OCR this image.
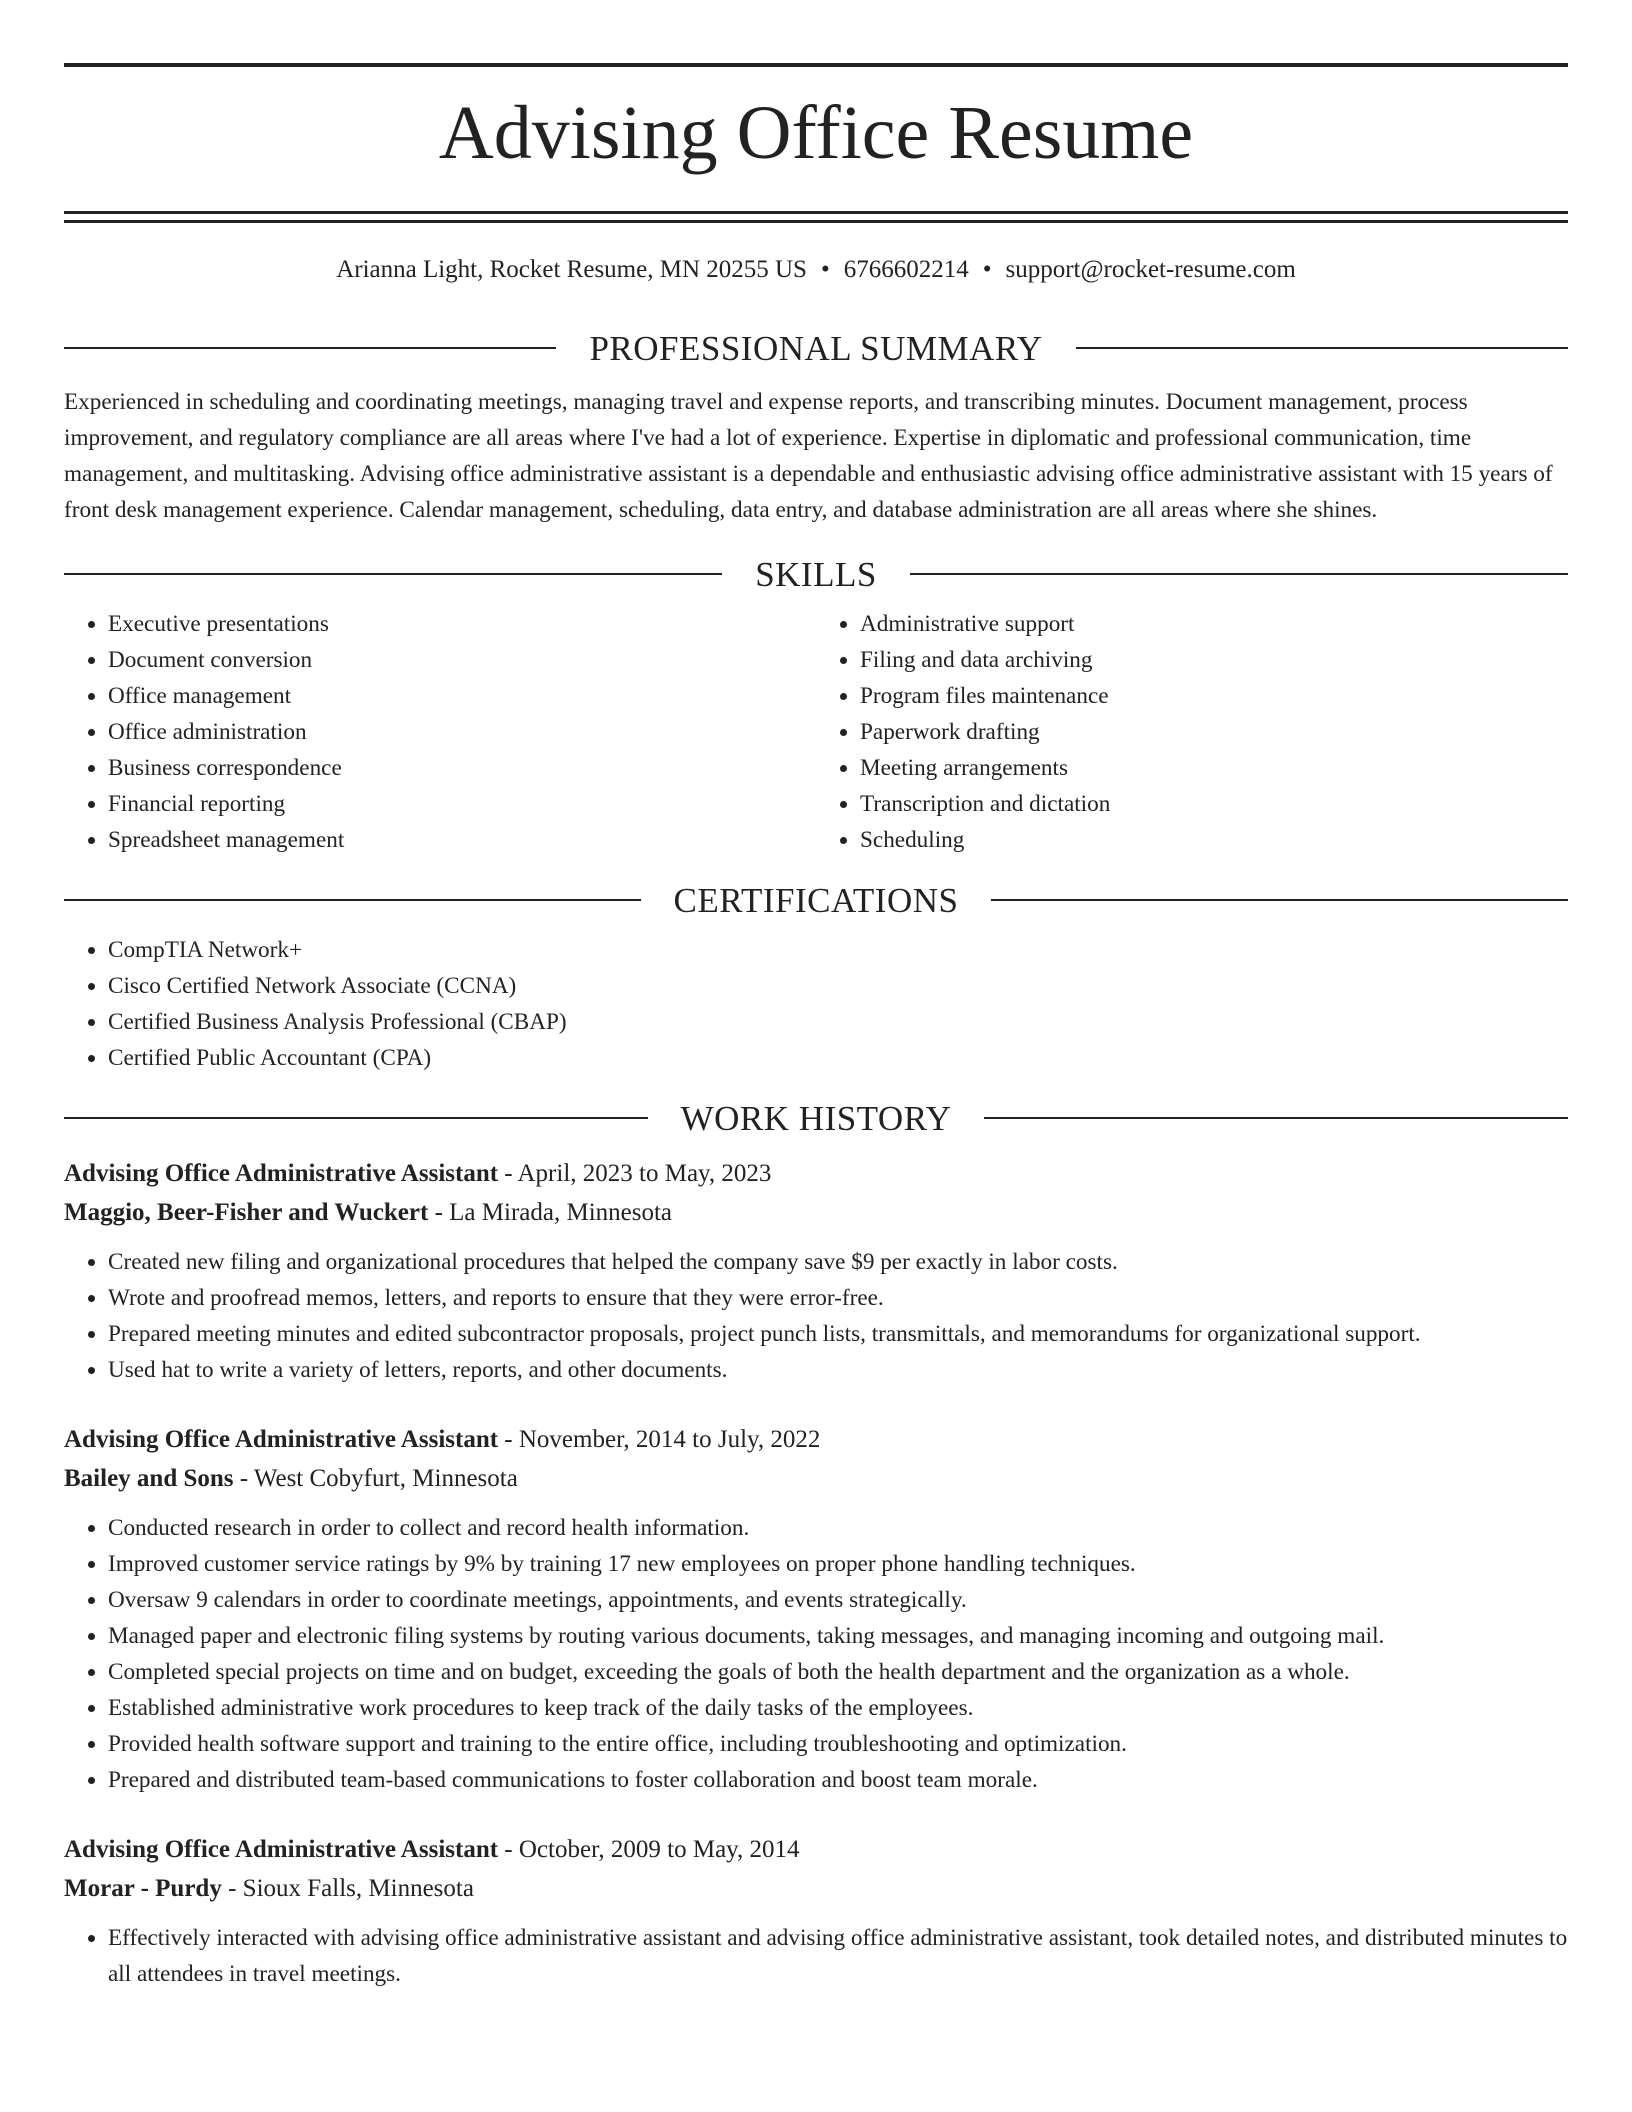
Advising Office Resume
Arianna Light, Rocket Resume, MN 20255 US • 6766602214 • support@rocket-resume.com
PROFESSIONAL SUMMARY

Experienced in scheduling and coordinating meetings, managing travel and expense reports, and transcribing minutes. Document management, process improvement, and regulatory compliance are all areas where I've had a lot of experience. Expertise in diplomatic and professional communication, time management, and multitasking. Advising office administrative assistant is a dependable and enthusiastic advising office administrative assistant with 15 years of front desk management experience. Calendar management, scheduling, data entry, and database administration are all areas where she shines.

SKILLS
• Executive presentations
• Document conversion
• Office management
• Office administration
• Business correspondence
• Financial reporting
• Spreadsheet management
• Administrative support
• Filing and data archiving
• Program files maintenance
• Paperwork drafting
• Meeting arrangements
• Transcription and dictation
• Scheduling
CERTIFICATIONS
• CompTIA Network+
• Cisco Certified Network Associate (CCNA)
• Certified Business Analysis Professional (CBAP)
• Certified Public Accountant (CPA)
WORK HISTORY
Advising Office Administrative Assistant - April, 2023 to May, 2023
Maggio, Beer-Fisher and Wuckert - La Mirada, Minnesota
• Created new filing and organizational procedures that helped the company save $9 per exactly in labor costs.
• Wrote and proofread memos, letters, and reports to ensure that they were error-free.
• Prepared meeting minutes and edited subcontractor proposals, project punch lists, transmittals, and memorandums for organizational support.
• Used hat to write a variety of letters, reports, and other documents.
Advising Office Administrative Assistant - November, 2014 to July, 2022
Bailey and Sons - West Cobyfurt, Minnesota
• Conducted research in order to collect and record health information.
• Improved customer service ratings by 9% by training 17 new employees on proper phone handling techniques.
• Oversaw 9 calendars in order to coordinate meetings, appointments, and events strategically.
• Managed paper and electronic filing systems by routing various documents, taking messages, and managing incoming and outgoing mail.
• Completed special projects on time and on budget, exceeding the goals of both the health department and the organization as a whole.
• Established administrative work procedures to keep track of the daily tasks of the employees.
• Provided health software support and training to the entire office, including troubleshooting and optimization.
• Prepared and distributed team-based communications to foster collaboration and boost team morale.
Advising Office Administrative Assistant - October, 2009 to May, 2014
Morar - Purdy - Sioux Falls, Minnesota
• Effectively interacted with advising office administrative assistant and advising office administrative assistant, took detailed notes, and distributed minutes to all attendees in travel meetings.
